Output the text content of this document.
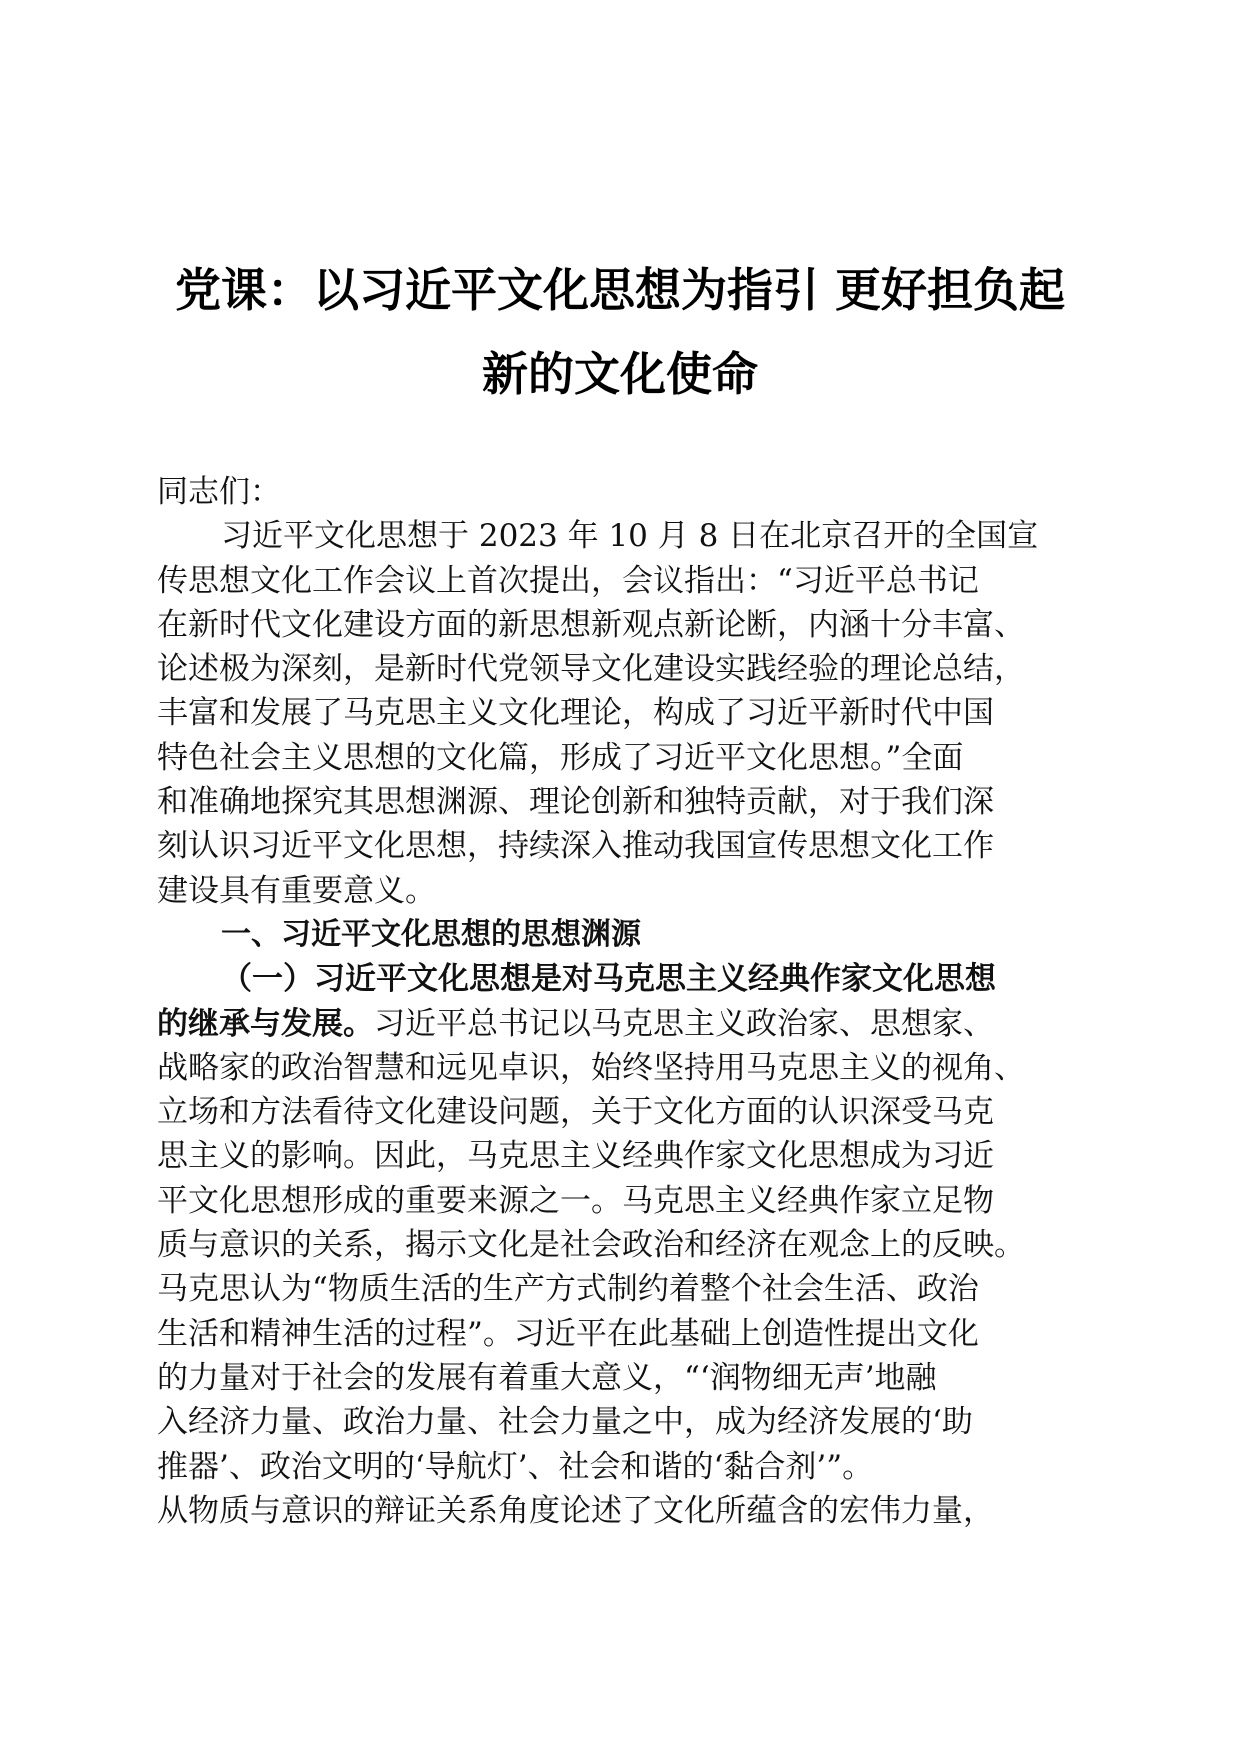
党课：以习近平文化思想为指引 更好担负起
新的文化使命
同志们：
习近平文化思想于 2023 年 10 月 8 日在北京召开的全国宣
传思想文化工作会议上首次提出，会议指出：“习近平总书记
在新时代文化建设方面的新思想新观点新论断，内涵十分丰富、
论述极为深刻，是新时代党领导文化建设实践经验的理论总结，
丰富和发展了马克思主义文化理论，构成了习近平新时代中国
特色社会主义思想的文化篇，形成了习近平文化思想。”全面
和准确地探究其思想渊源、理论创新和独特贡献，对于我们深
刻认识习近平文化思想，持续深入推动我国宣传思想文化工作
建设具有重要意义。
一、习近平文化思想的思想渊源
（一）习近平文化思想是对马克思主义经典作家文化思想
的继承与发展。习近平总书记以马克思主义政治家、思想家、
战略家的政治智慧和远见卓识，始终坚持用马克思主义的视角、
立场和方法看待文化建设问题，关于文化方面的认识深受马克
思主义的影响。因此，马克思主义经典作家文化思想成为习近
平文化思想形成的重要来源之一。马克思主义经典作家立足物
质与意识的关系，揭示文化是社会政治和经济在观念上的反映。
马克思认为“物质生活的生产方式制约着整个社会生活、政治
生活和精神生活的过程”。习近平在此基础上创造性提出文化
的力量对于社会的发展有着重大意义，“‘润物细无声’地融
入经济力量、政治力量、社会力量之中，成为经济发展的‘助
推器’、政治文明的‘导航灯’、社会和谐的‘黏合剂’”。
从物质与意识的辩证关系角度论述了文化所蕴含的宏伟力量，
